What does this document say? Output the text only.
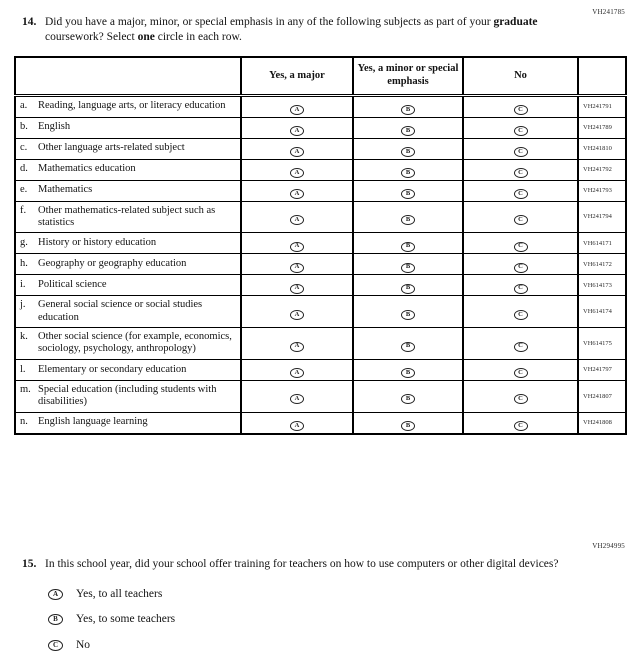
VH241785
14. Did you have a major, minor, or special emphasis in any of the following subjects as part of your graduate coursework? Select one circle in each row.
	Yes, a major	Yes, a minor or special emphasis	No	

a. Reading, language arts, or literacy education	A	B	C	VH241791

b. English	A	B	C	VH241789

c. Other language arts-related subject	A	B	C	VH241810

d. Mathematics education	A	B	C	VH241792

e. Mathematics	A	B	C	VH241793

f. Other mathematics-related subject such as statistics	A	B	C	VH241794

g. History or history education	A	B	C	VH614171

h. Geography or geography education	A	B	C	VH614172

i. Political science	A	B	C	VH614173

j. General social science or social studies education	A	B	C	VH614174

k. Other social science (for example, economics, sociology, psychology, anthropology)	A	B	C	VH614175

l. Elementary or secondary education	A	B	C	VH241797

m. Special education (including students with disabilities)	A	B	C	VH241807

n. English language learning	A	B	C	VH241808
VH294995
15. In this school year, did your school offer training for teachers on how to use computers or other digital devices?
A	Yes, to all teachers
B	Yes, to some teachers
C	No
